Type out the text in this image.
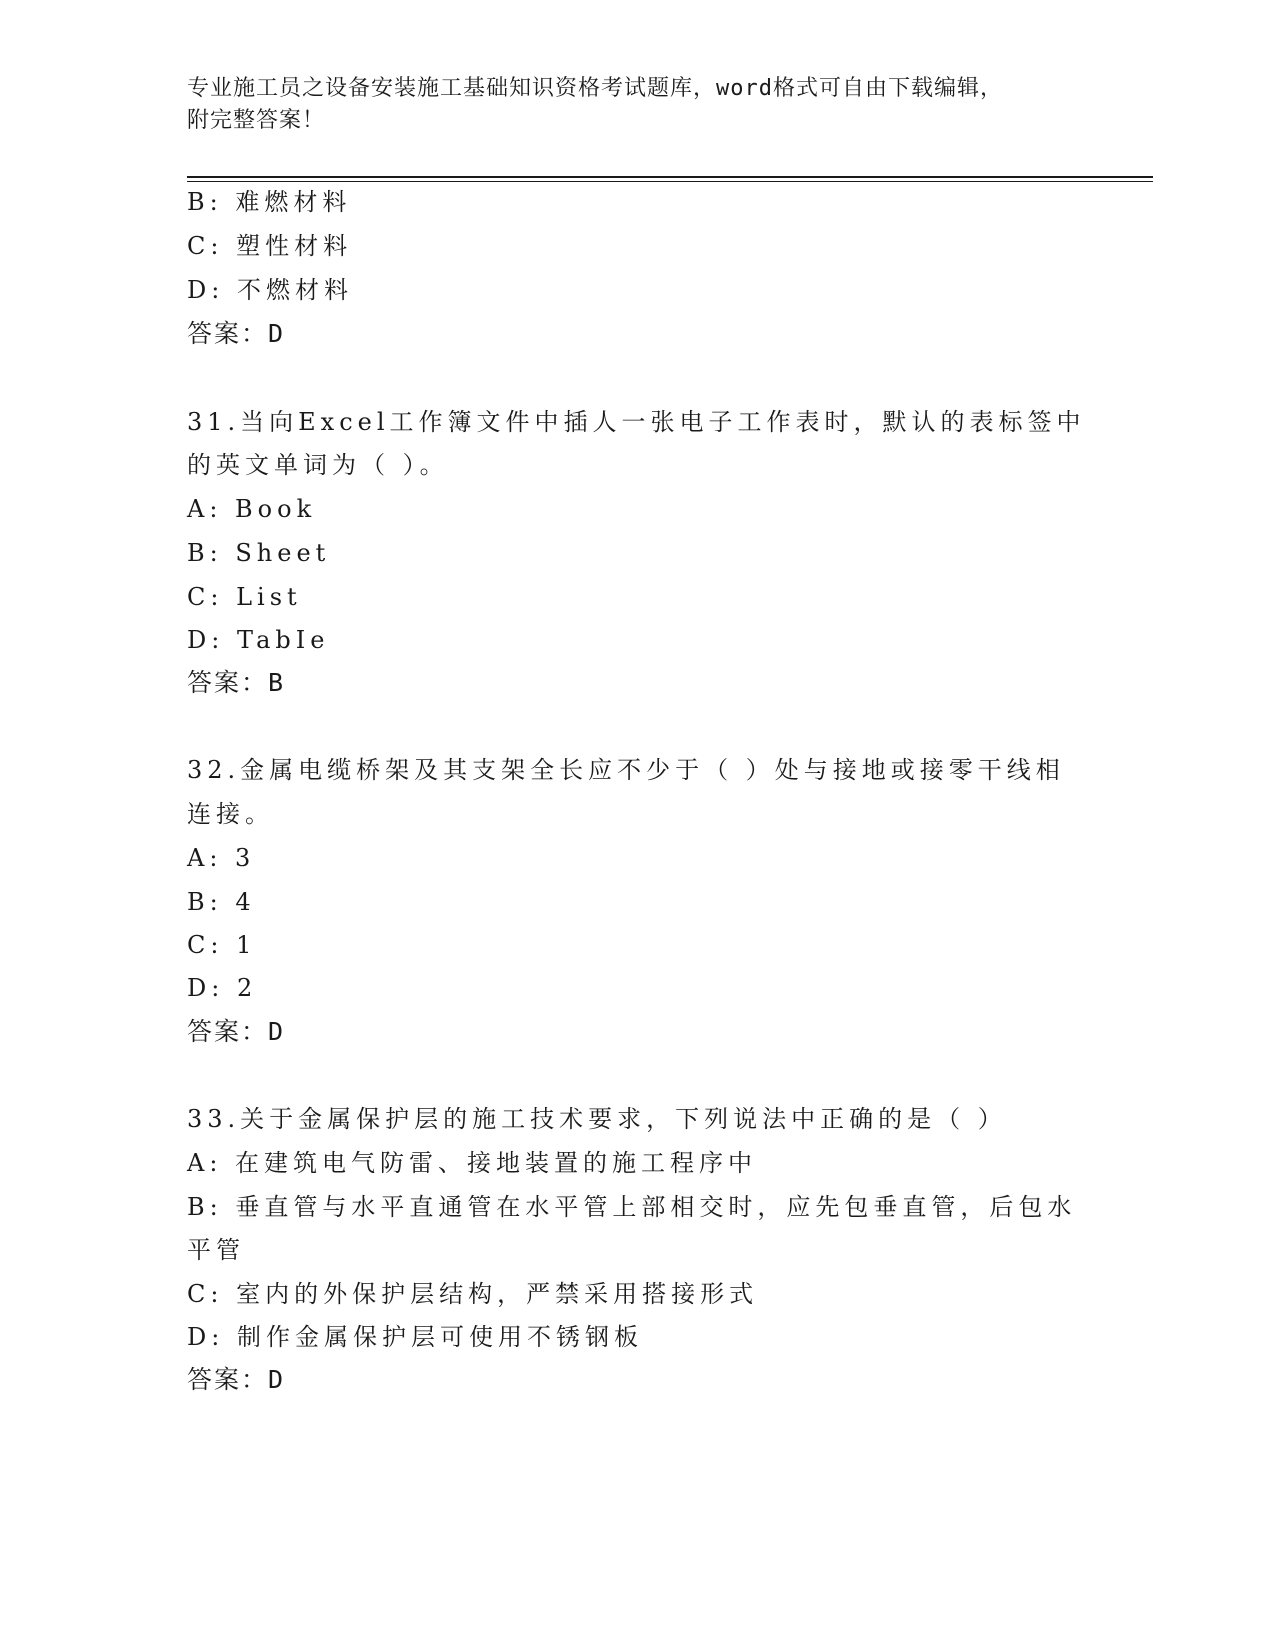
专业施工员之设备安装施工基础知识资格考试题库，word格式可自由下载编辑，
附完整答案！
B: 难燃材料
C: 塑性材料
D: 不燃材料
答案：D
31.当向Excel工作簿文件中插人一张电子工作表时，默认的表标签中
的英文单词为（ ）。
A: Book
B: Sheet
C: List
D: TabIe
答案：B
32.金属电缆桥架及其支架全长应不少于（ ）处与接地或接零干线相
连接。
A: 3
B: 4
C: 1
D: 2
答案：D
33.关于金属保护层的施工技术要求，下列说法中正确的是（ ）
A: 在建筑电气防雷、接地装置的施工程序中
B: 垂直管与水平直通管在水平管上部相交时，应先包垂直管，后包水
平管
C: 室内的外保护层结构，严禁采用搭接形式
D: 制作金属保护层可使用不锈钢板
答案：D
